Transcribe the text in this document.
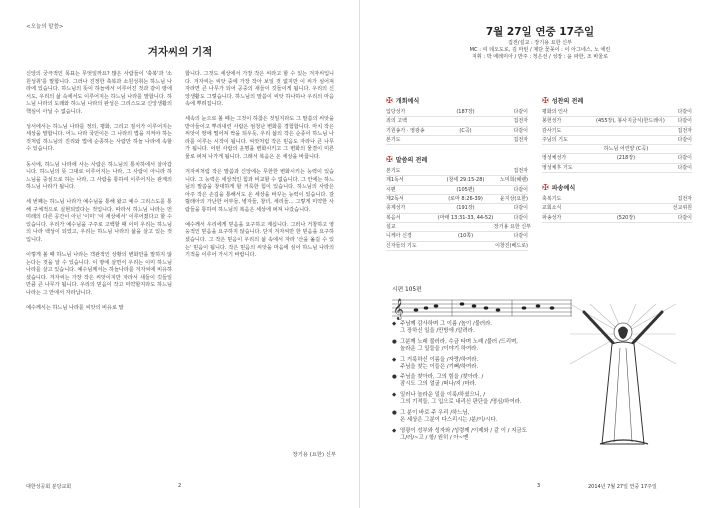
<오늘의 말씀>
겨자씨의 기적

신앙의 궁극적인 목표는 무엇일까요? 많은 사람들이 '축복'과 '소원성취'를 말합니다. 그러나 진정한 축복과 소원성취는 하느님 나라에 있습니다. 하느님의 뜻이 하늘에서 이루어진 것과 같이 땅에서도, 우리의 삶 속에서도 이루어지는 하느님 나라를 말합니다. 하느님 나라의 도래와 하느님 나라의 완성은 그리스도교 신앙생활의 핵심이 아닐 수 없습니다.

성서에서는 하느님 나라를 정의, 평화, 그리고 질서가 이루어지는 세상을 말합니다. 어느 나라 국민이든 그 나라의 법을 지켜야 하는 것처럼 하느님의 진리와 법에 순종하는 사람만 하늘 나라에 속할 수 있습니다.

동시에, 하느님 나라에 사는 사람은 하느님의 통치하에서 살아갑니다. 하느님의 뜻 그대로 이루어지는 나라, 그 사람이 아니라 하느님을 중심으로 하는 나라, 그 사람을 통하여 이루어지는 관계의 하느님 나라가 됩니다.

세 번째는 하느님 나라가 예수님을 통해 왔고 예수 그리스도를 통해 구체적으로 실현되었다는 것입니다. 따라서 하느님 나라는 먼 미래의 다른 공간이 아닌 '이미' '이 세상에서' 이루어졌다고 할 수 있습니다. 우리가 예수님을 구주로 고백할 때 이미 우리는 하느님의 나라 백성이 되었고, 우리는 하느님 나라의 삶을 살고 있는 것입니다.

이렇게 볼 때 하느님 나라는 객관적인 상황의 변화만을 말하지 않는다는 것을 알 수 있습니다. 이 땅에 살면서 우리는 이미 하느님 나라를 살고 있습니다. 예수님께서는 하늘나라를 겨자씨에 비유하셨습니다. 겨자씨는 가장 작은 씨앗이지만 자라서 새들이 깃들일 만큼 큰 나무가 됩니다. 우리의 믿음이 작고 미약할지라도 하느님 나라는 그 안에서 자라납니다.

예수께서는 하느님 나라를 씨앗의 비유로 말

합니다. 그것도 세상에서 가장 작은 씨라고 할 수 있는 겨자씨입니다. 겨자씨는 씨앗 중에 가장 작아 보일 것 없지만 이 씨가 심어져 자라면 큰 나무가 되어 공중의 새들이 깃들이게 됩니다. 우리의 신앙생활도 그렇습니다. 하느님의 말씀이 씨앗 하나하나 우리의 마음속에 뿌려집니다.

세속의 눈으로 볼 때는 그것이 하찮은 것일지라도 그 말씀의 씨앗을 받아들이고 뿌리내린 사람은 엄청난 변화를 경험합니다. 마치 작은 씨앗이 땅에 떨어져 싹을 틔우듯, 우리 삶의 작은 순종이 하느님 나라를 이루는 시작이 됩니다. 씨앗처럼 작은 믿음도 자라나 큰 나무가 됩니다. 어떤 사람의 운명을 변화시키고 그 변화의 물결이 미른 물로 퍼져 나가게 됩니다. 그래서 복음은 온 세상을 바꿉니다.

겨자씨처럼 작은 말씀과 신앙에는 무한한 변화시키는 능력이 있습니다. 그 능력은 세상적인 힘과 비교할 수 없습니다. 그 안에는 하느님의 말씀을 창대하게 할 거룩한 힘이 있습니다. 하느님의 사랑은 아주 작은 손길을 통해서도 온 세상을 바꾸는 능력이 있습니다. 갈릴래아의 가난한 어부들, 병자들, 창녀, 세리들... 그렇게 미약한 사람들을 통하여 하느님의 복음은 세상에 퍼져 나갔습니다.

예수께서 우리에게 믿음을 요구하고 계십니다. 그러나 거창하고 영웅적인 믿음을 요구하지 않습니다. 단지 겨자씨만 한 믿음을 요구하셨습니다. 그 작은 믿음이 우리의 삶 속에서 자라 '산을 옮길 수 있는' 믿음이 됩니다. 작은 믿음의 씨앗을 마음에 심어 하느님 나라의 기적을 이루어 가시기 바랍니다.

장기용 (요한) 신부
대한성공회 분당교회	2
7월 27일 연중 17주일
집전/설교 : 장기용 요한 신부
MC : 여 데오도로, 김 마틴 / 제단 꽃꽂이 : 이 아그네스, 노 에린
지휘 : 박 에레미아 / 반주 : 정은선 / 성장 : 윤 파한, 조 바울로
✠ 개회예식
입당성가	(187장)	다같이
죄의 고백	집전자
기원송가 · 영광송	(C곡)	다같이
본기도	집전자
✠ 말씀의 전례
본기도	집전자
제1독서	(창세 29:15-28)	노미희(헤렌)
시편	(105편)	다같이
제2독서	(로마 8:26-39)	윤지상(요한)
층계성가	(191장)	다같이
복음서	(마태 13:31-33, 44-52)	다같이
설교	장기용 요한 신부
니케아 신경	(10쪽)	다같이
신자들의 기도	이창진(베드로)
✠ 성찬의 전례
평화의 인사	다같이
봉헌성가	(455장), 봉사지금식(한드레이)	다같이
감사기도	집전자
주님의 기도	다같이
하느님 어린양 (C곡)
영성체성가	(218장)	다같이
영성체후 기도	다같이
✠ 파송예식
축복기도	집전자
교회소식	선교위원
파송성가	(520장)	다같이
시편 105편
𝄞
◆ 주님께 감사하며 그 이름 /높이 /불러라.
그 장하신 일을 /만방에 /알려라.
● 그분께 노래 불러라, 수금 타며 노래 /불러 /드리며,
놀라운 그 일들을 /이야기 하여라.
◆ 그 거룩하신 이름을 /자랑/하여라.
주님을 찾는 이들은 /기뻐/하여라.
● 주님을 찾아라, 그의 힘을 /찾아라. /
잠시도 그의 얼굴 /떠나/지 /마라.
◆ 일러나 놀라운 일을 이룩/하셨으니, /
그의 기적들, 그 입으로 내리신 판단을 /명심/하여라.
● 그 분이 바로 주 우리 /하느님,
온 세상은 그분이 다스리시는 /분/이/시다.
◆ 영광이 성부와 성자와 /성령께 /이제와 / 같 이 / 지금도
그/러/~고 / 항/ 원히 / 아~멘
3	2014년 7월 27일 연중 17주일
